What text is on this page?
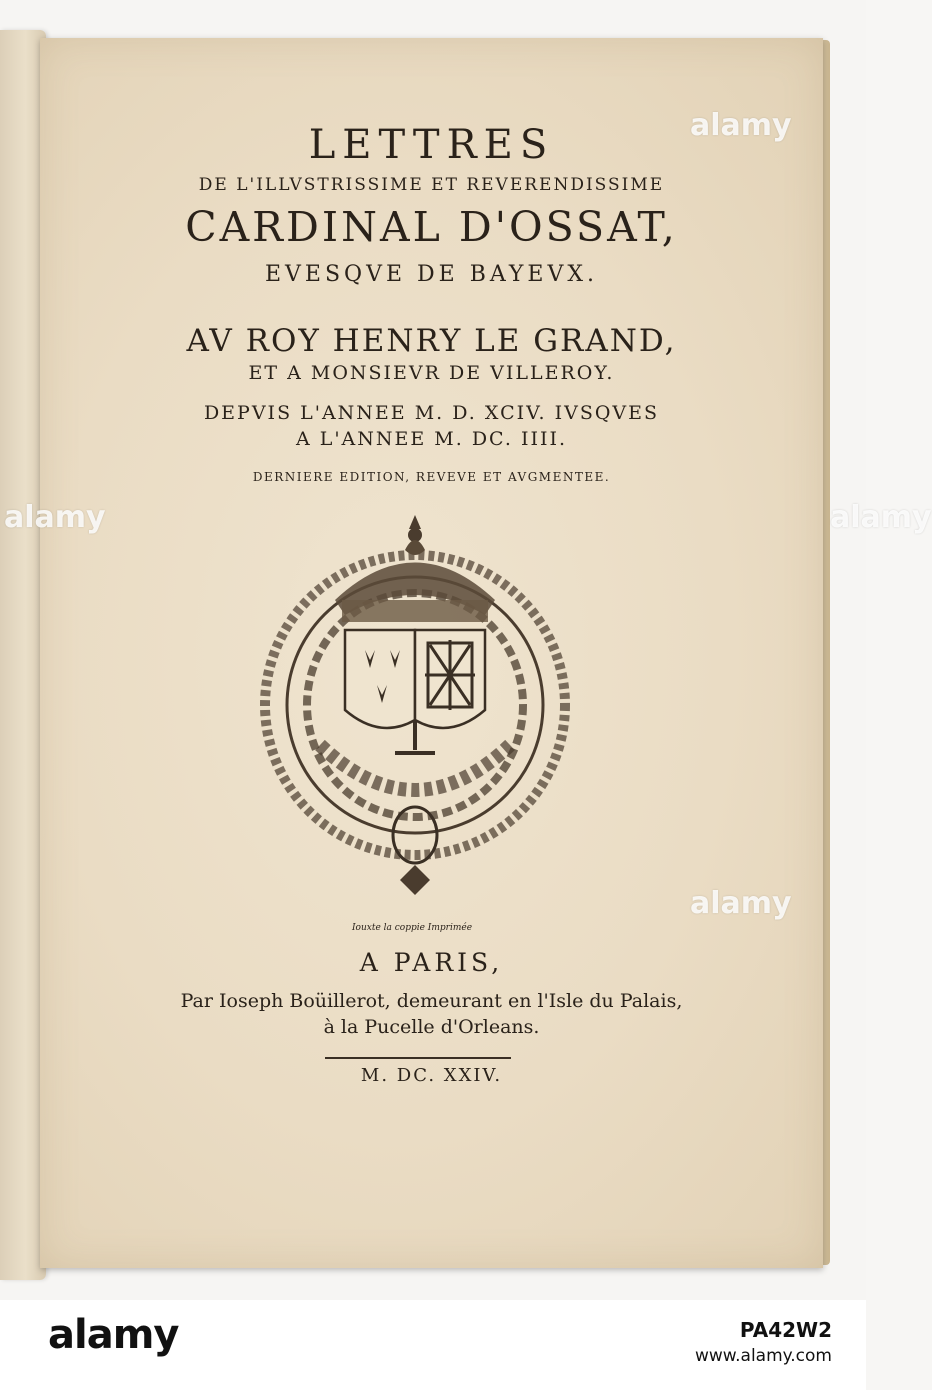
LETTRES

DE L'ILLVSTRISSIME ET REVERENDISSIME

CARDINAL D'OSSAT,

EVESQVE DE BAYEVX.

AV ROY HENRY LE GRAND,

ET A MONSIEVR DE VILLEROY.

DEPVIS L'ANNEE M. D. XCIV. IVSQVES

A L'ANNEE M. DC. IIII.

DERNIERE EDITION, REVEVE ET AVGMENTEE.

Iouxte la coppie Imprimée

A PARIS,

Par Ioseph Boüillerot, demeurant en l'Isle du Palais,

à la Pucelle d'Orleans.

M. DC. XXIV.

alamy
alamy	alamy
alamy
alamy	PA42W2
www.alamy.com
